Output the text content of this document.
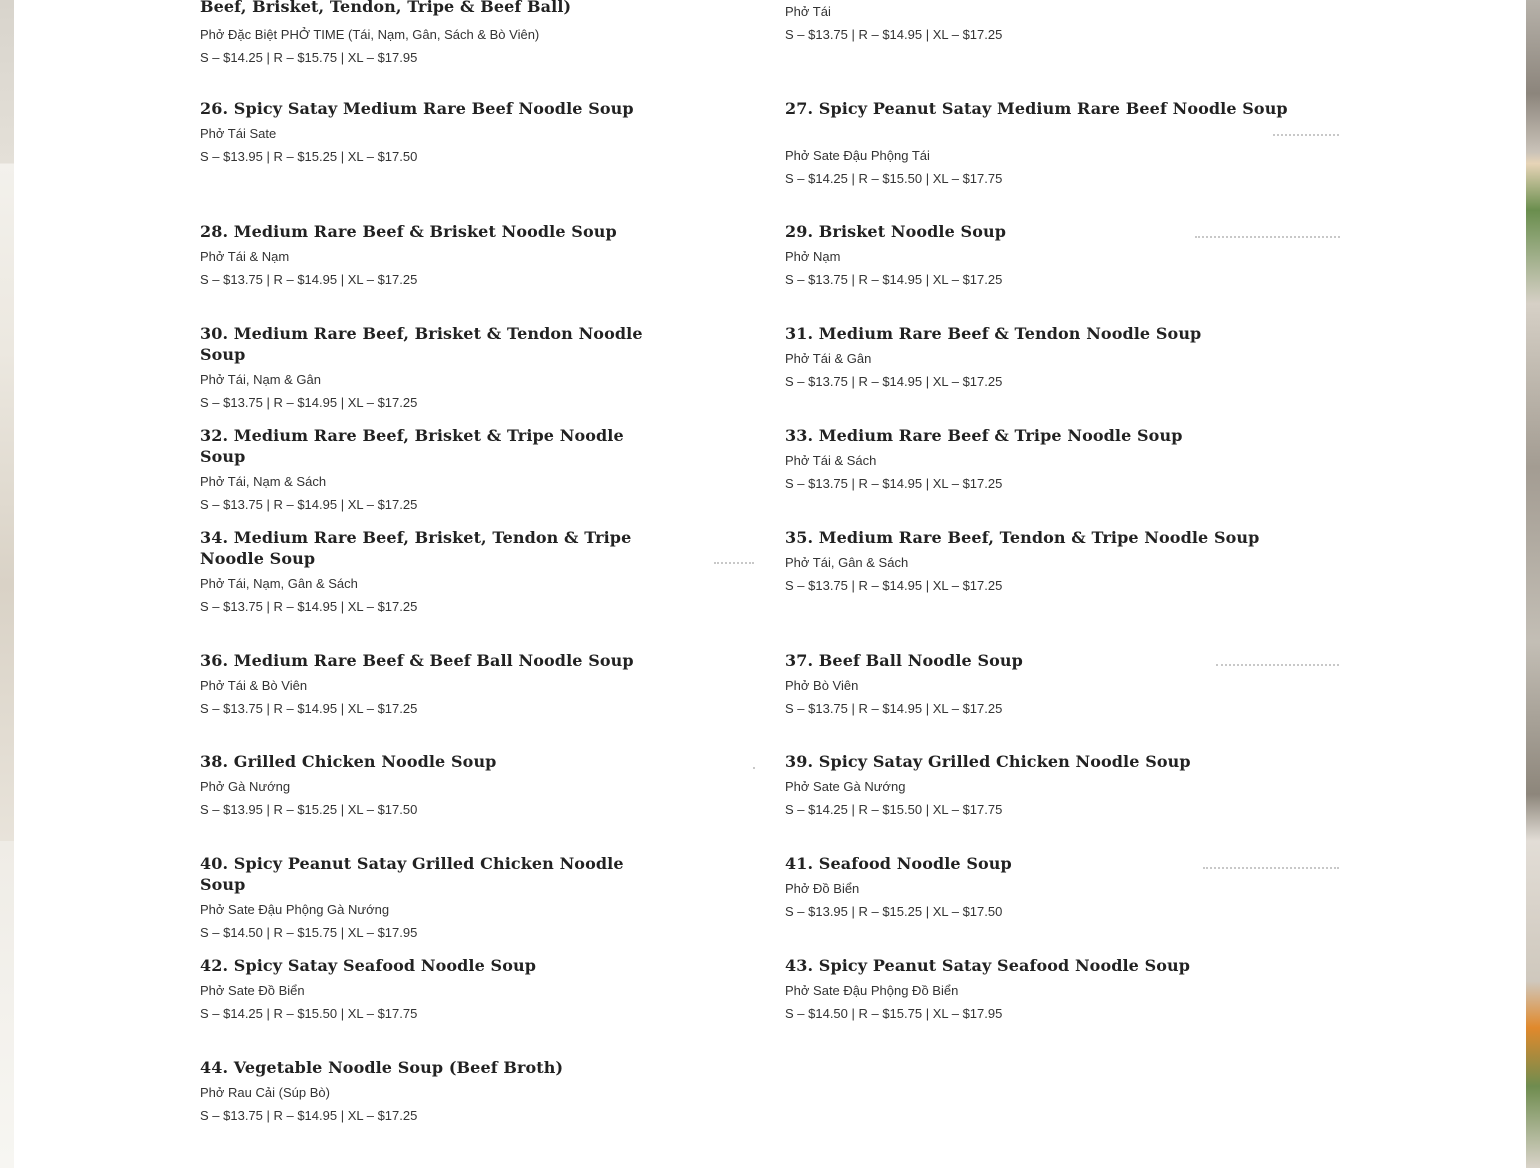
Beef, Brisket, Tendon, Tripe & Beef Ball)
Phở Đặc Biệt PHỞ TIME (Tái, Nạm, Gân, Sách & Bò Viên)
S – $14.25 | R – $15.75 | XL – $17.95
Phở Tái
S – $13.75 | R – $14.95 | XL – $17.25
26. Spicy Satay Medium Rare Beef Noodle Soup
Phở Tái Sate
S – $13.95 | R – $15.25 | XL – $17.50
27. Spicy Peanut Satay Medium Rare Beef Noodle Soup
Phở Sate Đậu Phộng Tái
S – $14.25 | R – $15.50 | XL – $17.75
28. Medium Rare Beef & Brisket Noodle Soup
Phở Tái & Nạm
S – $13.75 | R – $14.95 | XL – $17.25
29. Brisket Noodle Soup
Phở Nạm
S – $13.75 | R – $14.95 | XL – $17.25
30. Medium Rare Beef, Brisket & Tendon Noodle Soup
Phở Tái, Nạm & Gân
S – $13.75 | R – $14.95 | XL – $17.25
31. Medium Rare Beef & Tendon Noodle Soup
Phở Tái & Gân
S – $13.75 | R – $14.95 | XL – $17.25
32. Medium Rare Beef, Brisket & Tripe Noodle Soup
Phở Tái, Nạm & Sách
S – $13.75 | R – $14.95 | XL – $17.25
33. Medium Rare Beef & Tripe Noodle Soup
Phở Tái & Sách
S – $13.75 | R – $14.95 | XL – $17.25
34. Medium Rare Beef, Brisket, Tendon & Tripe Noodle Soup
Phở Tái, Nạm, Gân & Sách
S – $13.75 | R – $14.95 | XL – $17.25
35. Medium Rare Beef, Tendon & Tripe Noodle Soup
Phở Tái, Gân & Sách
S – $13.75 | R – $14.95 | XL – $17.25
36. Medium Rare Beef & Beef Ball Noodle Soup
Phở Tái & Bò Viên
S – $13.75 | R – $14.95 | XL – $17.25
37. Beef Ball Noodle Soup
Phở Bò Viên
S – $13.75 | R – $14.95 | XL – $17.25
38. Grilled Chicken Noodle Soup
Phở Gà Nướng
S – $13.95 | R – $15.25 | XL – $17.50
39. Spicy Satay Grilled Chicken Noodle Soup
Phở Sate Gà Nướng
S – $14.25 | R – $15.50 | XL – $17.75
40. Spicy Peanut Satay Grilled Chicken Noodle Soup
Phở Sate Đậu Phộng Gà Nướng
S – $14.50 | R – $15.75 | XL – $17.95
41. Seafood Noodle Soup
Phở Đồ Biển
S – $13.95 | R – $15.25 | XL – $17.50
42. Spicy Satay Seafood Noodle Soup
Phở Sate Đồ Biển
S – $14.25 | R – $15.50 | XL – $17.75
43. Spicy Peanut Satay Seafood Noodle Soup
Phở Sate Đậu Phộng Đồ Biển
S – $14.50 | R – $15.75 | XL – $17.95
44. Vegetable Noodle Soup (Beef Broth)
Phở Rau Cải (Súp Bò)
S – $13.75 | R – $14.95 | XL – $17.25
